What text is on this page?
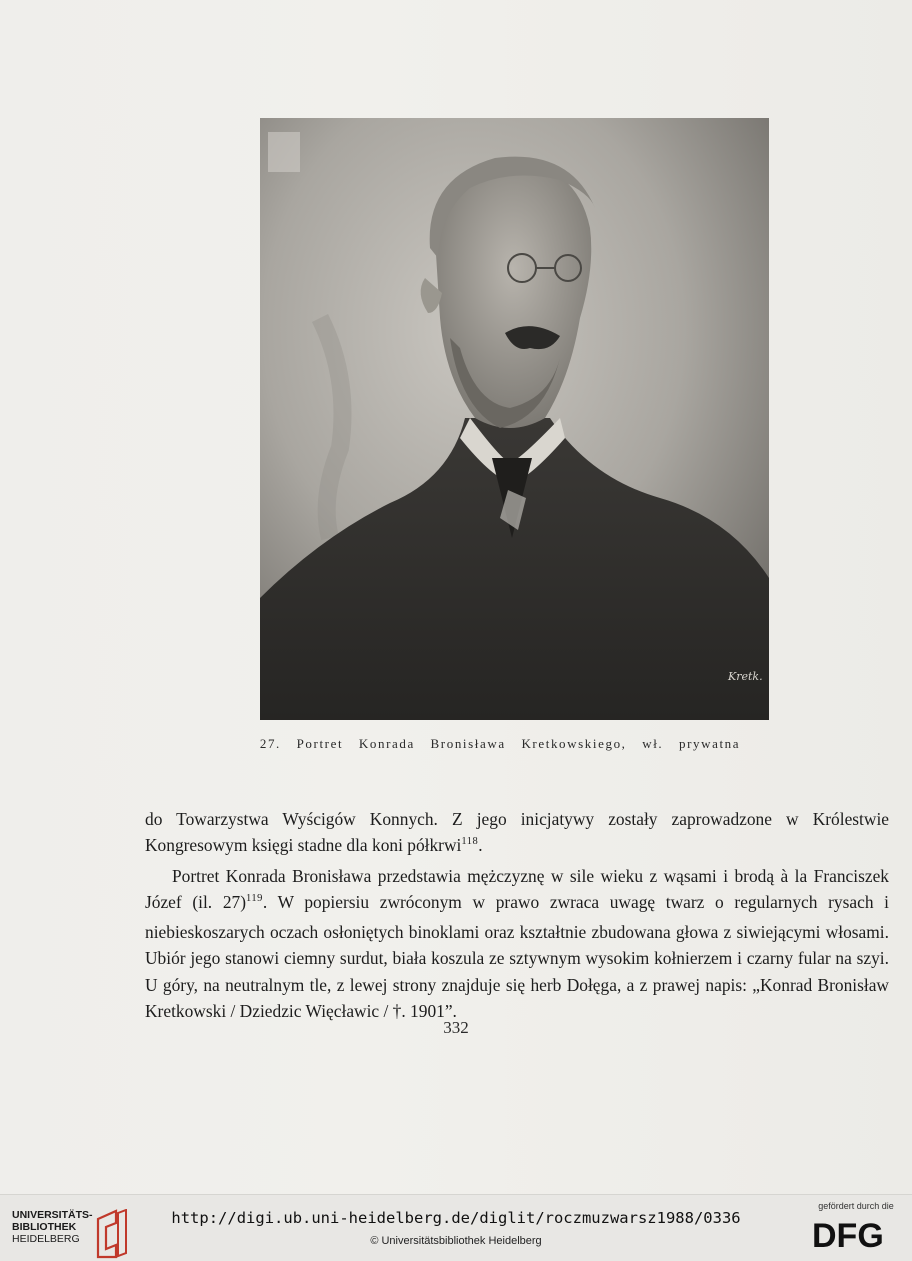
Kretk.
27.  Portret  Konrada  Bronisława  Kretkowskiego,  wł.  prywatna

do Towarzystwa Wyścigów Konnych. Z jego inicjatywy zostały zaprowadzone w Królestwie Kongresowym księgi stadne dla koni półkrwi$^{118}$.

Portret Konrada Bronisława przedstawia mężczyznę w sile wieku z wąsami i brodą à la Franciszek Józef (il. 27)$^{119}$. W popiersiu zwróconym w prawo zwraca uwagę twarz o regularnych rysach i niebieskoszarych oczach osłoniętych binoklami oraz kształtnie zbudowana głowa z siwiejącymi włosami. Ubiór jego stanowi ciemny surdut, biała koszula ze sztywnym wysokim kołnierzem i czarny fular na szyi. U góry, na neutralnym tle, z lewej strony znajduje się herb Dołęga, a z prawej napis: „Konrad Bronisław Kretkowski / Dziedzic Więcławic / †. 1901”.

332
UNIVERSITÄTS-
BIBLIOTHEK
HEIDELBERG
http://digi.ub.uni-heidelberg.de/diglit/roczmuzwarsz1988/0336
© Universitätsbibliothek Heidelberg
gefördert durch die
DFG
